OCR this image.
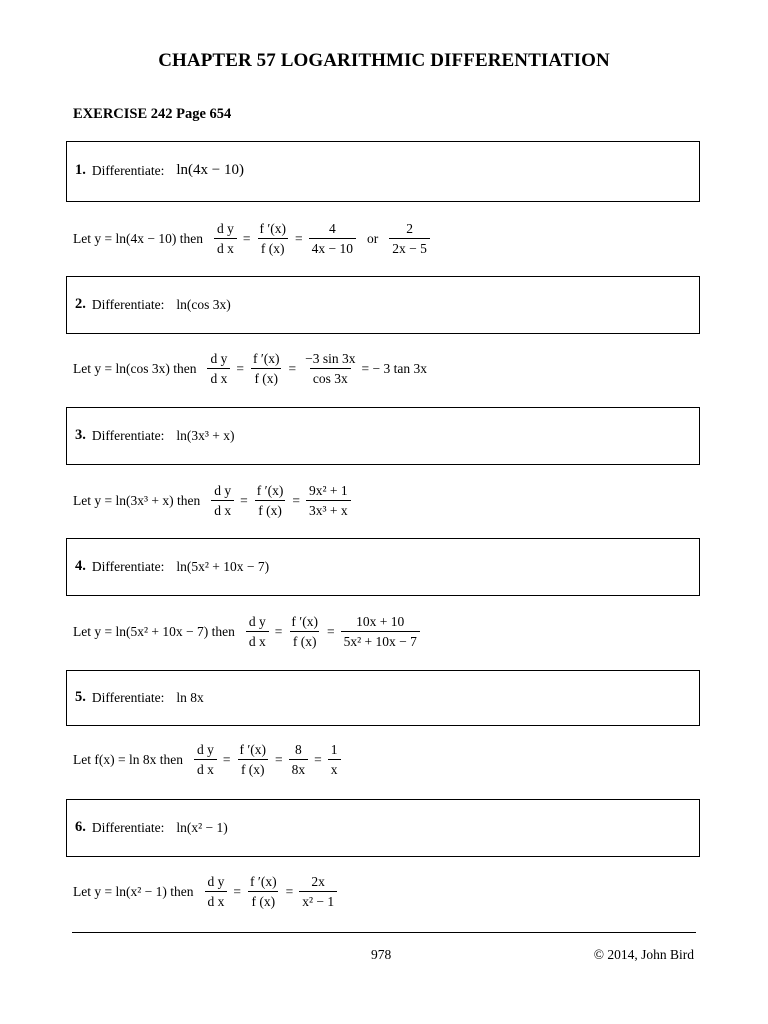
CHAPTER 57 LOGARITHMIC DIFFERENTIATION
EXERCISE 242 Page 654
1. Differentiate: ln(4x − 10)
Let y = ln(4x − 10) then $\frac{\text{d y}}{\text{d x}} = \frac{f '(x)}{f (x)} = \frac{4}{4x - 10}$ or $\frac{2}{2x - 5}$
2. Differentiate: ln(cos 3x)
Let y = ln(cos 3x) then $\frac{\text{d y}}{\text{d x}} = \frac{f '(x)}{f (x)} = \frac{-3 \sin 3x}{\cos 3x}$ = − 3 tan 3x
3. Differentiate: ln(3x³ + x)
Let y = ln(3x³ + x) then $\frac{\text{d y}}{\text{d x}} = \frac{f '(x)}{f (x)} = \frac{\text{9x² + 1}}{\text{3x³ + x}}$
4. Differentiate: ln(5x² + 10x − 7)
Let y = ln(5x² + 10x − 7) then $\frac{\text{d y}}{\text{d x}} = \frac{f '(x)}{f (x)} = \frac{10x + 10}{\text{5x² + 10x − 7}}$
5. Differentiate: ln 8x
Let f(x) = ln 8x then $\frac{\text{d y}}{\text{d x}} = \frac{f '(x)}{f (x)} = \frac{8}{8x} = \frac{1}{x}$
6. Differentiate: ln(x² − 1)
Let y = ln(x² − 1) then $\frac{\text{d y}}{\text{d x}} = \frac{f '(x)}{f (x)} = \frac{2x}{\text{x² − 1}}$
978	© 2014, John Bird
